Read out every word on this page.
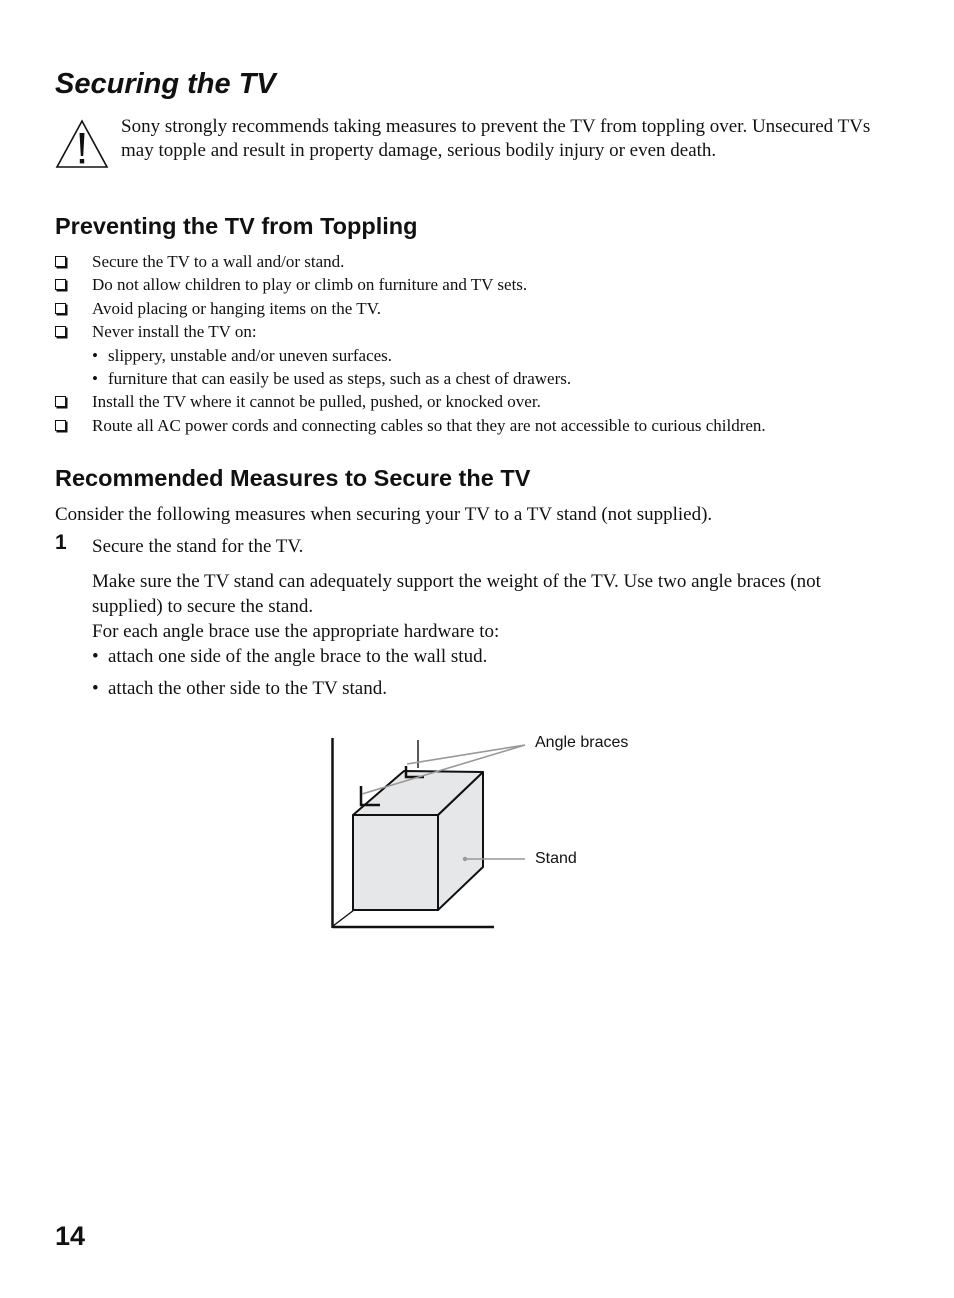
Securing the TV
Sony strongly recommends taking measures to prevent the TV from toppling over. Unsecured TVs may topple and result in property damage, serious bodily injury or even death.
Preventing the TV from Toppling
Secure the TV to a wall and/or stand.
Do not allow children to play or climb on furniture and TV sets.
Avoid placing or hanging items on the TV.
Never install the TV on:
• slippery, unstable and/or uneven surfaces.
• furniture that can easily be used as steps, such as a chest of drawers.
Install the TV where it cannot be pulled, pushed, or knocked over.
Route all AC power cords and connecting cables so that they are not accessible to curious children.
Recommended Measures to Secure the TV
Consider the following measures when securing your TV to a TV stand (not supplied).
1 Secure the stand for the TV.

Make sure the TV stand can adequately support the weight of the TV. Use two angle braces (not supplied) to secure the stand.

For each angle brace use the appropriate hardware to:

• attach one side of the angle brace to the wall stud.
• attach the other side to the TV stand.
Angle braces
Stand
14
